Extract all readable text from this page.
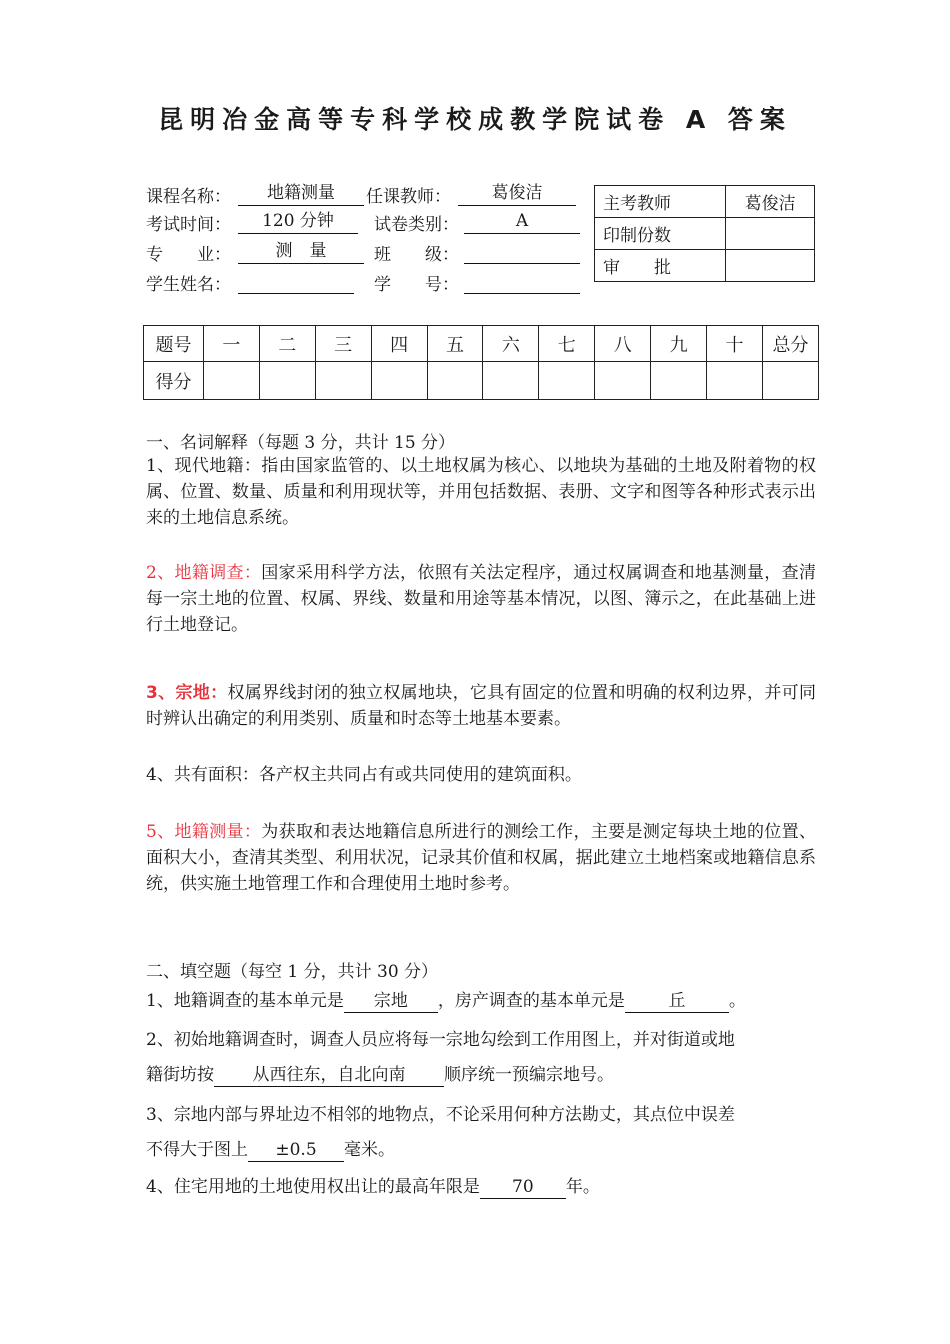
昆明冶金高等专科学校成教学院试卷 A 答案
课程名称：	地籍测量	任课教师：	葛俊洁
考试时间：	120 分钟	试卷类别：	A
专　　业：	测　量	班　　级：
学生姓名：	学　　号：
主考教师	葛俊洁
印制份数	
审　　批	
题号	一	二	三	四	五	六	七	八	九	十	总分
得分											
一、名词解释（每题 3 分，共计 15 分）
1、现代地籍：指由国家监管的、以土地权属为核心、以地块为基础的土地及附着物的权属、位置、数量、质量和利用现状等，并用包括数据、表册、文字和图等各种形式表示出来的土地信息系统。
2、地籍调查：国家采用科学方法，依照有关法定程序，通过权属调查和地基测量，查清每一宗土地的位置、权属、界线、数量和用途等基本情况，以图、簿示之，在此基础上进行土地登记。
3、宗地：权属界线封闭的独立权属地块，它具有固定的位置和明确的权利边界，并可同时辨认出确定的利用类别、质量和时态等土地基本要素。
4、共有面积：各产权主共同占有或共同使用的建筑面积。
5、地籍测量：为获取和表达地籍信息所进行的测绘工作，主要是测定每块土地的位置、面积大小，查清其类型、利用状况，记录其价值和权属，据此建立土地档案或地籍信息系统，供实施土地管理工作和合理使用土地时参考。
二、填空题（每空 1 分，共计 30 分）
1、地籍调查的基本单元是 宗地 ，房产调查的基本单元是	丘	。
2、初始地籍调查时，调查人员应将每一宗地勾绘到工作用图上，并对街道或地
籍街坊按 从西往东，自北向南 顺序统一预编宗地号。
3、宗地内部与界址边不相邻的地物点，不论采用何种方法勘丈，其点位中误差
不得大于图上 ±0.5 毫米。
4、住宅用地的土地使用权出让的最高年限是 70 年。
